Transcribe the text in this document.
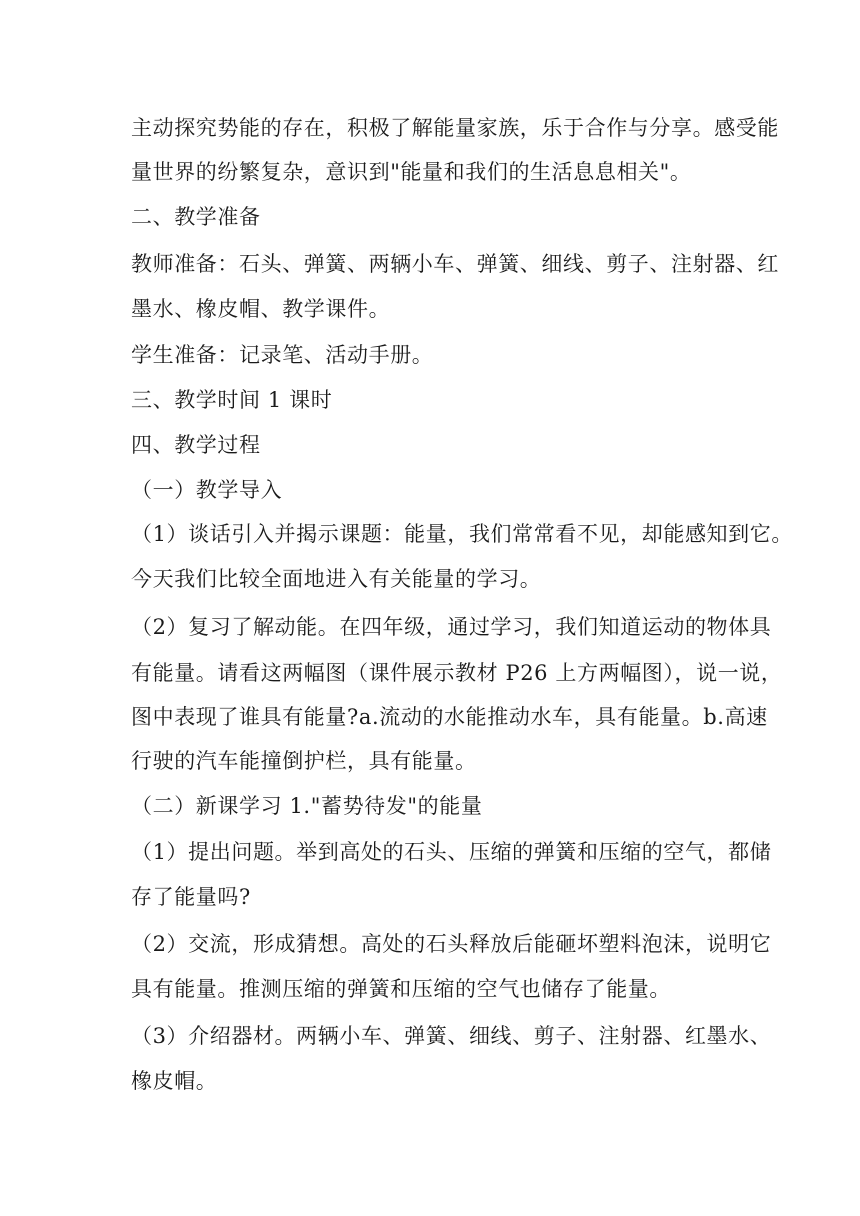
主动探究势能的存在，积极了解能量家族，乐于合作与分享。感受能
量世界的纷繁复杂，意识到"能量和我们的生活息息相关"。
二、教学准备
教师准备：石头、弹簧、两辆小车、弹簧、细线、剪子、注射器、红
墨水、橡皮帽、教学课件。
学生准备：记录笔、活动手册。
三、教学时间 1 课时
四、教学过程
（一）教学导入
（1）谈话引入并揭示课题：能量，我们常常看不见，却能感知到它。
今天我们比较全面地进入有关能量的学习。
（2）复习了解动能。在四年级，通过学习，我们知道运动的物体具
有能量。请看这两幅图（课件展示教材 P26 上方两幅图），说一说，
图中表现了谁具有能量?a.流动的水能推动水车，具有能量。b.高速
行驶的汽车能撞倒护栏，具有能量。
（二）新课学习 1."蓄势待发"的能量
（1）提出问题。举到高处的石头、压缩的弹簧和压缩的空气，都储
存了能量吗?
（2）交流，形成猜想。高处的石头释放后能砸坏塑料泡沫，说明它
具有能量。推测压缩的弹簧和压缩的空气也储存了能量。
（3）介绍器材。两辆小车、弹簧、细线、剪子、注射器、红墨水、
橡皮帽。
